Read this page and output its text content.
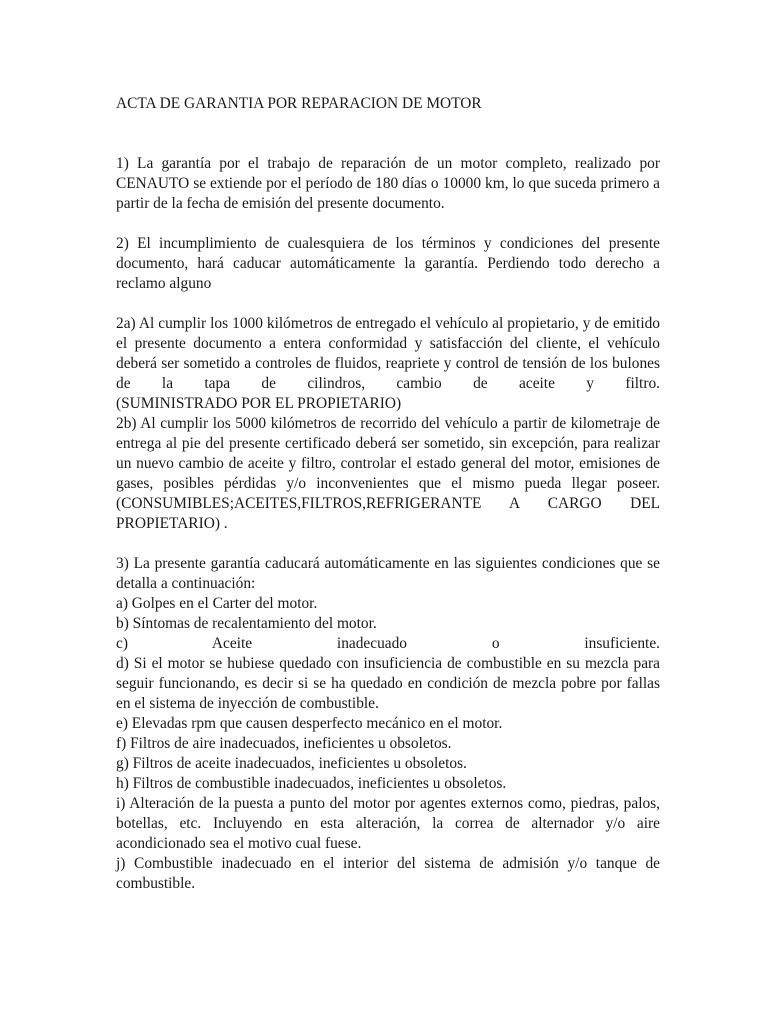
ACTA DE GARANTIA POR REPARACION DE MOTOR

1) La garantía por el trabajo de reparación de un motor completo, realizado por CENAUTO se extiende por el período de 180 días o 10000 km, lo que suceda primero a partir de la fecha de emisión del presente documento.

2) El incumplimiento de cualesquiera de los términos y condiciones del presente documento, hará caducar automáticamente la garantía. Perdiendo todo derecho a reclamo alguno

2a) Al cumplir los 1000 kilómetros de entregado el vehículo al propietario, y de emitido el presente documento a entera conformidad y satisfacción del cliente, el vehículo deberá ser sometido a controles de fluidos, reapriete y control de tensión de los bulones de la tapa de cilindros, cambio de aceite y filtro.

(SUMINISTRADO POR EL PROPIETARIO)

2b) Al cumplir los 5000 kilómetros de recorrido del vehículo a partir de kilometraje de entrega al pie del presente certificado deberá ser sometido, sin excepción, para realizar un nuevo cambio de aceite y filtro, controlar el estado general del motor, emisiones de gases, posibles pérdidas y/o inconvenientes que el mismo pueda llegar poseer.

(CONSUMIBLES;ACEITES,FILTROS,REFRIGERANTE A CARGO DEL PROPIETARIO) .

3) La presente garantía caducará automáticamente en las siguientes condiciones que se detalla a continuación:

a) Golpes en el Carter del motor.

b) Síntomas de recalentamiento del motor.

c) Aceite inadecuado o insuficiente.

d) Si el motor se hubiese quedado con insuficiencia de combustible en su mezcla para seguir funcionando, es decir si se ha quedado en condición de mezcla pobre por fallas en el sistema de inyección de combustible.

e) Elevadas rpm que causen desperfecto mecánico en el motor.

f) Filtros de aire inadecuados, ineficientes u obsoletos.

g) Filtros de aceite inadecuados, ineficientes u obsoletos.

h) Filtros de combustible inadecuados, ineficientes u obsoletos.

i) Alteración de la puesta a punto del motor por agentes externos como, piedras, palos, botellas, etc. Incluyendo en esta alteración, la correa de alternador y/o aire acondicionado sea el motivo cual fuese.

j) Combustible inadecuado en el interior del sistema de admisión y/o tanque de combustible.
